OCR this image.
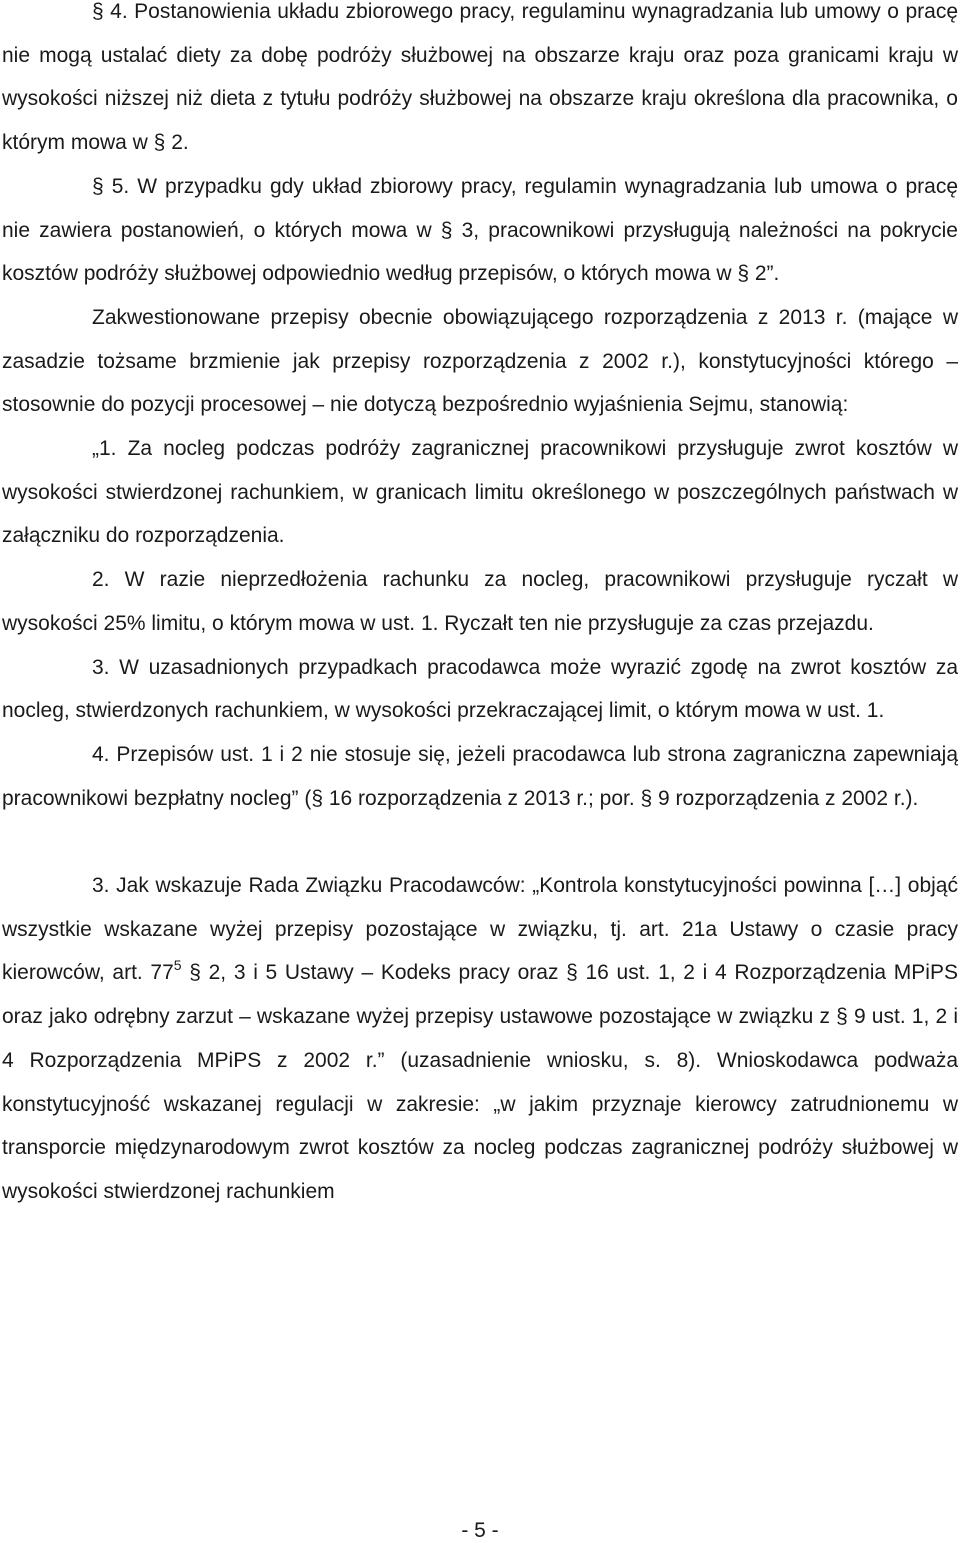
§ 4. Postanowienia układu zbiorowego pracy, regulaminu wynagradzania lub umowy o pracę nie mogą ustalać diety za dobę podróży służbowej na obszarze kraju oraz poza granicami kraju w wysokości niższej niż dieta z tytułu podróży służbowej na obszarze kraju określona dla pracownika, o którym mowa w § 2.

§ 5. W przypadku gdy układ zbiorowy pracy, regulamin wynagradzania lub umowa o pracę nie zawiera postanowień, o których mowa w § 3, pracownikowi przysługują należności na pokrycie kosztów podróży służbowej odpowiednio według przepisów, o których mowa w § 2”.

Zakwestionowane przepisy obecnie obowiązującego rozporządzenia z 2013 r. (mające w zasadzie tożsame brzmienie jak przepisy rozporządzenia z 2002 r.), konstytucyjności którego – stosownie do pozycji procesowej – nie dotyczą bezpośrednio wyjaśnienia Sejmu, stanowią:

„1. Za nocleg podczas podróży zagranicznej pracownikowi przysługuje zwrot kosztów w wysokości stwierdzonej rachunkiem, w granicach limitu określonego w poszczególnych państwach w załączniku do rozporządzenia.

2. W razie nieprzedłożenia rachunku za nocleg, pracownikowi przysługuje ryczałt w wysokości 25% limitu, o którym mowa w ust. 1. Ryczałt ten nie przysługuje za czas przejazdu.

3. W uzasadnionych przypadkach pracodawca może wyrazić zgodę na zwrot kosztów za nocleg, stwierdzonych rachunkiem, w wysokości przekraczającej limit, o którym mowa w ust. 1.

4. Przepisów ust. 1 i 2 nie stosuje się, jeżeli pracodawca lub strona zagraniczna zapewniają pracownikowi bezpłatny nocleg” (§ 16 rozporządzenia z 2013 r.; por. § 9 rozporządzenia z 2002 r.).

3. Jak wskazuje Rada Związku Pracodawców: „Kontrola konstytucyjności powinna […] objąć wszystkie wskazane wyżej przepisy pozostające w związku, tj. art. 21a Ustawy o czasie pracy kierowców, art. $77^5$ § 2, 3 i 5 Ustawy – Kodeks pracy oraz § 16 ust. 1, 2 i 4 Rozporządzenia MPiPS oraz jako odrębny zarzut – wskazane wyżej przepisy ustawowe pozostające w związku z § 9 ust. 1, 2 i 4 Rozporządzenia MPiPS z 2002 r.” (uzasadnienie wniosku, s. 8). Wnioskodawca podważa konstytucyjność wskazanej regulacji w zakresie: „w jakim przyznaje kierowcy zatrudnionemu w transporcie międzynarodowym zwrot kosztów za nocleg podczas zagranicznej podróży służbowej w wysokości stwierdzonej rachunkiem

- 5 -
